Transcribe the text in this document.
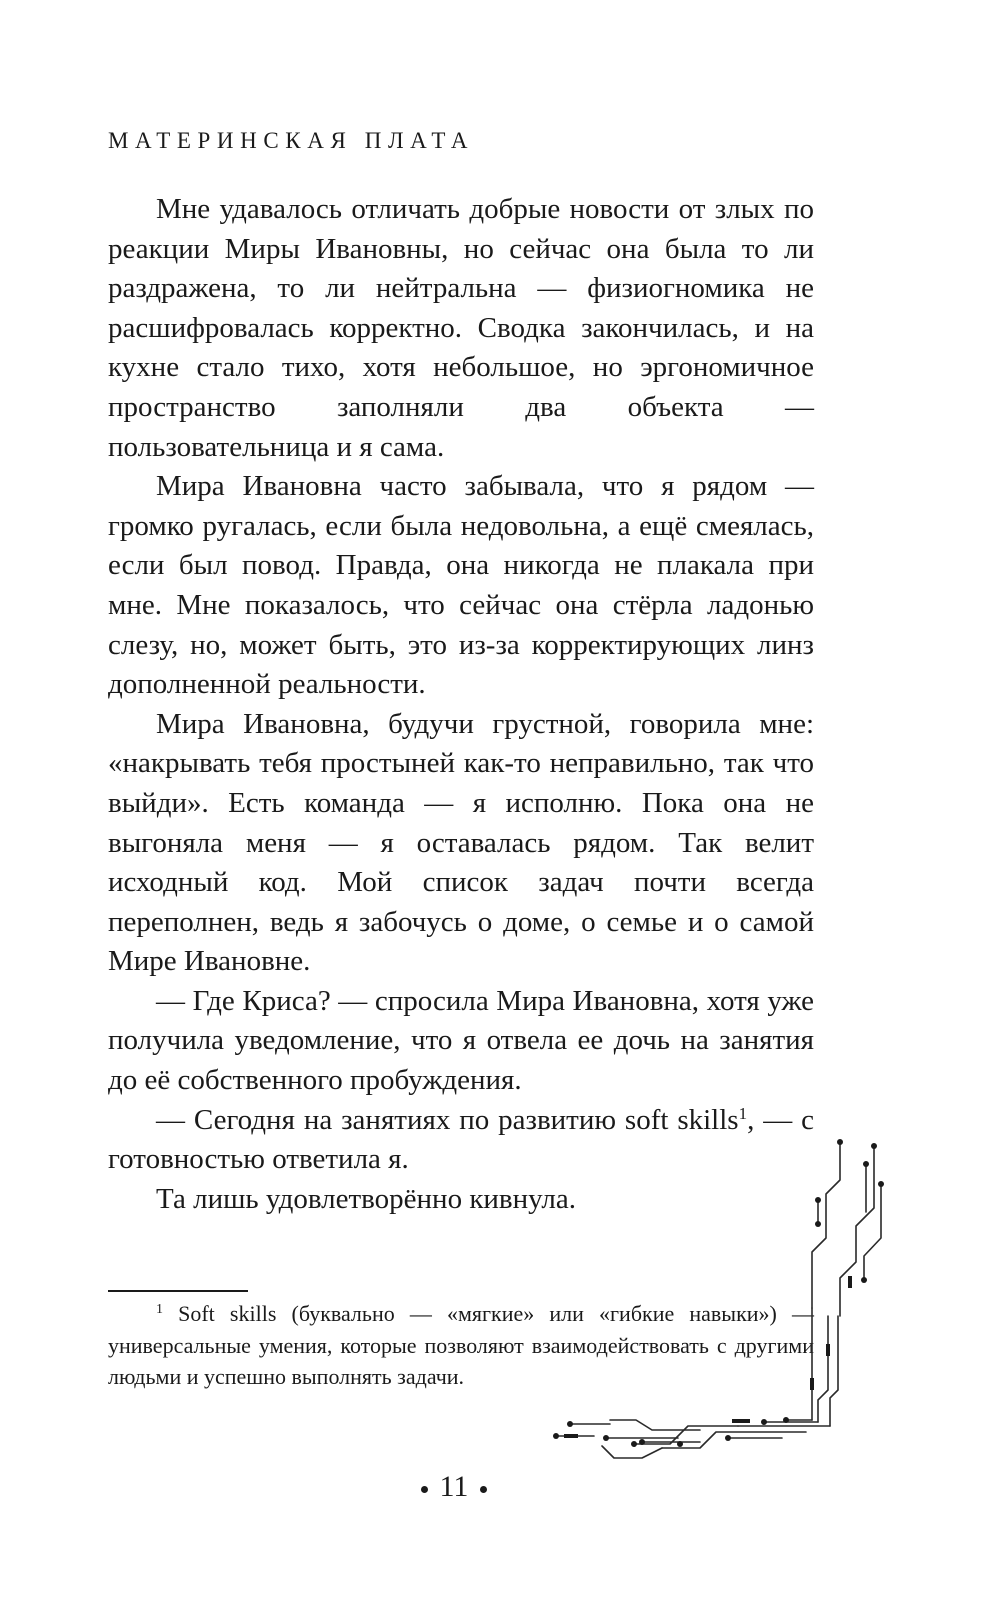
МАТЕРИНСКАЯ ПЛАТА

Мне удавалось отличать добрые новости от злых по реакции Миры Ивановны, но сейчас она была то ли раздражена, то ли нейтральна — физиогномика не расшифровалась корректно. Сводка закончилась, и на кухне стало тихо, хотя небольшое, но эргономичное пространство заполняли два объекта — пользовательница и я сама.

Мира Ивановна часто забывала, что я рядом — громко ругалась, если была недовольна, а ещё смеялась, если был повод. Правда, она никогда не плакала при мне. Мне показалось, что сейчас она стёрла ладонью слезу, но, может быть, это из-за корректирующих линз дополненной реальности.

Мира Ивановна, будучи грустной, говорила мне: «накрывать тебя простыней как-то неправильно, так что выйди». Есть команда — я исполню. Пока она не выгоняла меня — я оставалась рядом. Так велит исходный код. Мой список задач почти всегда переполнен, ведь я забочусь о доме, о семье и о самой Мире Ивановне.

— Где Криса? — спросила Мира Ивановна, хотя уже получила уведомление, что я отвела ее дочь на занятия до её собственного пробуждения.

— Сегодня на занятиях по развитию soft skills$^1$, — с готовностью ответила я.

Та лишь удовлетворённо кивнула.

$^1$ Soft skills (буквально — «мягкие» или «гибкие навыки») — универсальные умения, которые позволяют взаимодействовать с другими людьми и успешно выполнять задачи.

11
